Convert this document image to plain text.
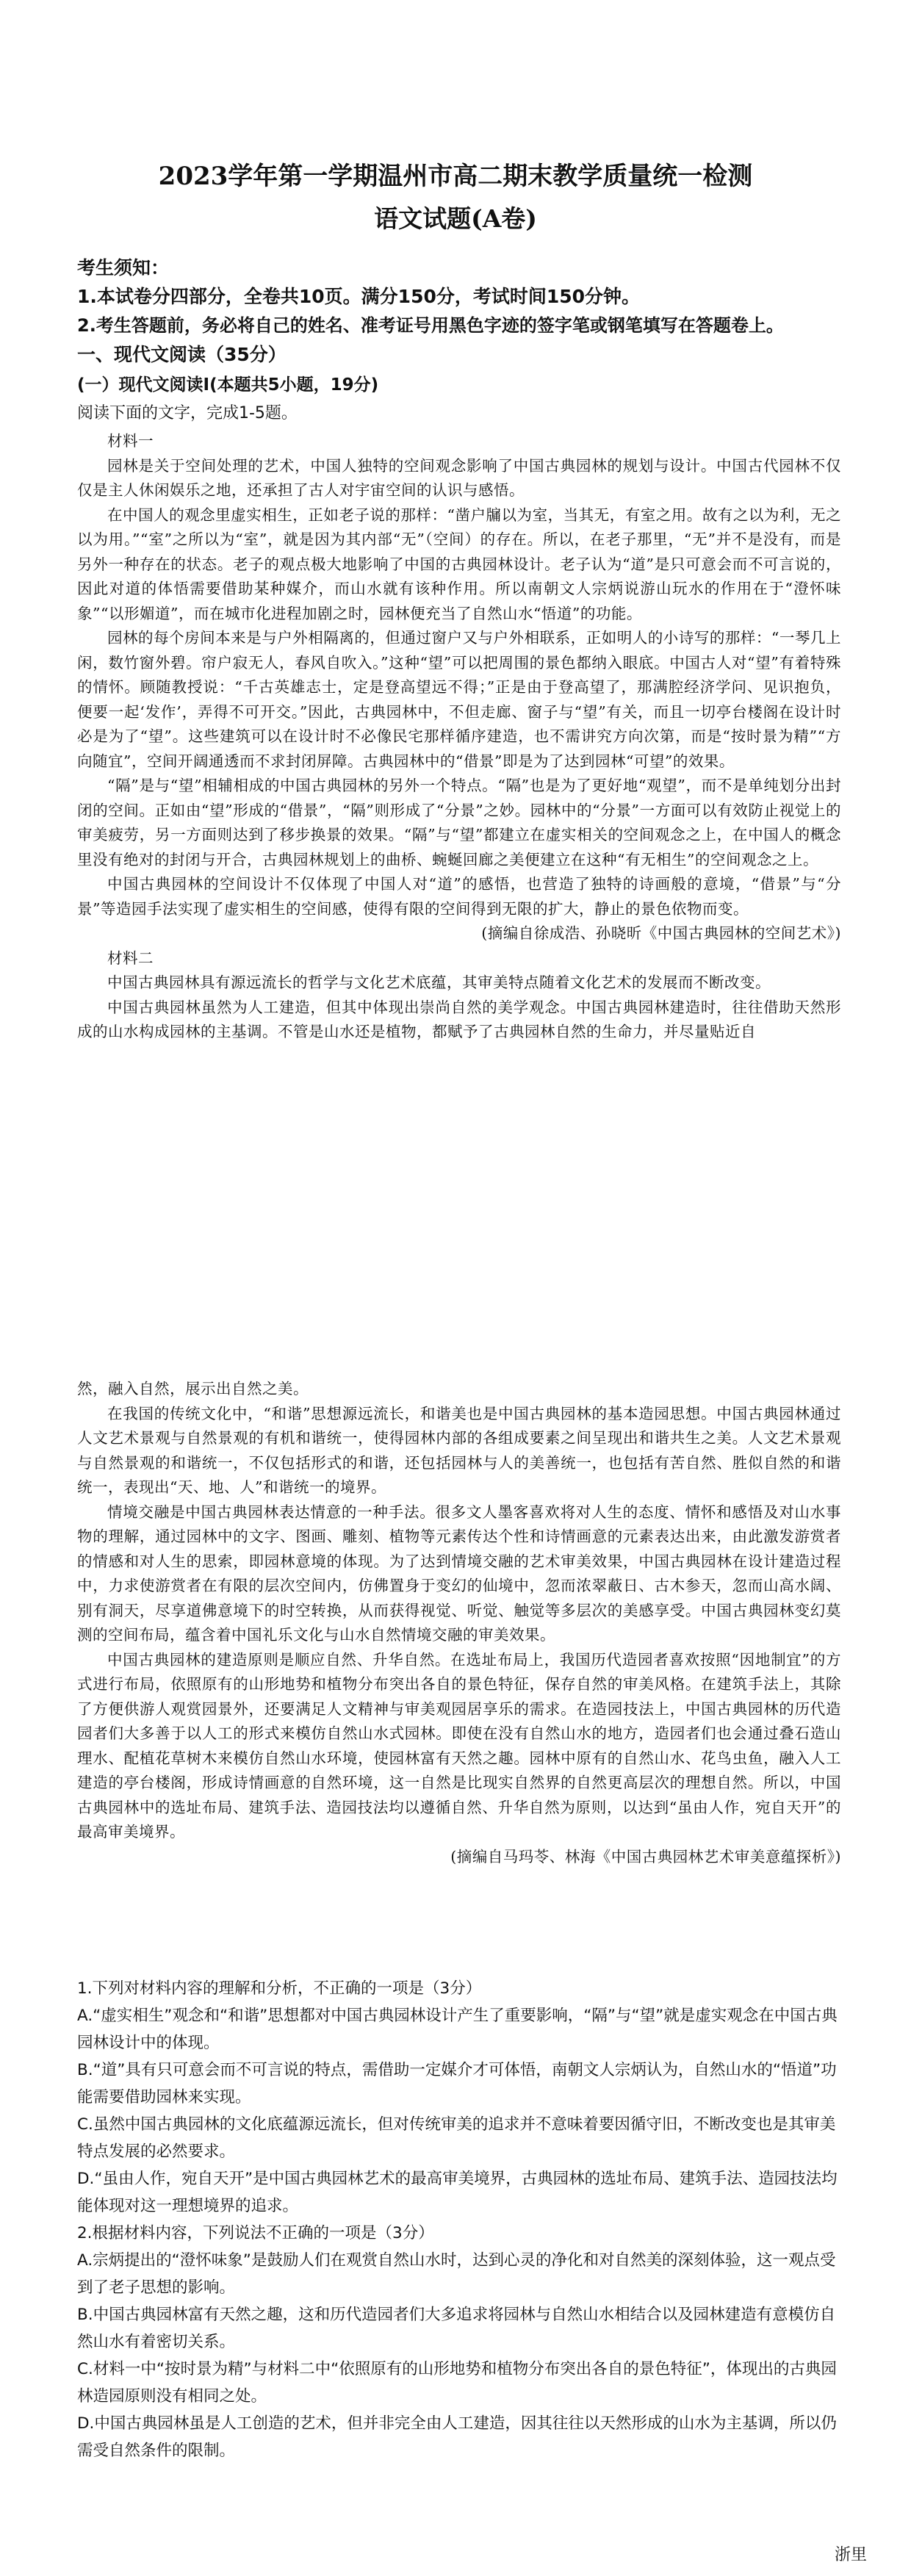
2023学年第一学期温州市高二期末教学质量统一检测
语文试题(A卷)
考生须知：
1.本试卷分四部分，全卷共10页。满分150分，考试时间150分钟。
2.考生答题前，务必将自己的姓名、准考证号用黑色字迹的签字笔或钢笔填写在答题卷上。
一、现代文阅读（35分）
(一）现代文阅读Ⅰ(本题共5小题，19分)
阅读下面的文字，完成1-5题。

材料一

园林是关于空间处理的艺术，中国人独特的空间观念影响了中国古典园林的规划与设计。中国古代园林不仅仅是主人休闲娱乐之地，还承担了古人对宇宙空间的认识与感悟。

在中国人的观念里虚实相生，正如老子说的那样：“凿户牖以为室，当其无，有室之用。故有之以为利，无之以为用。”“室”之所以为“室”，就是因为其内部“无”（空间）的存在。所以，在老子那里，“无”并不是没有，而是另外一种存在的状态。老子的观点极大地影响了中国的古典园林设计。老子认为“道”是只可意会而不可言说的，因此对道的体悟需要借助某种媒介，而山水就有该种作用。所以南朝文人宗炳说游山玩水的作用在于“澄怀味象”“以形媚道”，而在城市化进程加剧之时，园林便充当了自然山水“悟道”的功能。

园林的每个房间本来是与户外相隔离的，但通过窗户又与户外相联系，正如明人的小诗写的那样：“一琴几上闲，数竹窗外碧。帘户寂无人，春风自吹入。”这种“望”可以把周围的景色都纳入眼底。中国古人对“望”有着特殊的情怀。顾随教授说：“千古英雄志士，定是登高望远不得；”正是由于登高望了，那满腔经济学问、见识抱负，便要一起‘发作’，弄得不可开交。”因此，古典园林中，不但走廊、窗子与“望”有关，而且一切亭台楼阁在设计时必是为了“望”。这些建筑可以在设计时不必像民宅那样循序建造，也不需讲究方向次第，而是“按时景为精”“方向随宜”，空间开阔通透而不求封闭屏障。古典园林中的“借景”即是为了达到园林“可望”的效果。

“隔”是与“望”相辅相成的中国古典园林的另外一个特点。“隔”也是为了更好地“观望”，而不是单纯划分出封闭的空间。正如由“望”形成的“借景”，“隔”则形成了“分景”之妙。园林中的“分景”一方面可以有效防止视觉上的审美疲劳，另一方面则达到了移步换景的效果。“隔”与“望”都建立在虚实相关的空间观念之上，在中国人的概念里没有绝对的封闭与开合，古典园林规划上的曲桥、蜿蜒回廊之美便建立在这种“有无相生”的空间观念之上。

中国古典园林的空间设计不仅体现了中国人对“道”的感悟，也营造了独特的诗画般的意境，“借景”与“分景”等造园手法实现了虚实相生的空间感，使得有限的空间得到无限的扩大，静止的景色依物而变。

(摘编自徐成浩、孙晓昕《中国古典园林的空间艺术》)

材料二

中国古典园林具有源远流长的哲学与文化艺术底蕴，其审美特点随着文化艺术的发展而不断改变。

中国古典园林虽然为人工建造，但其中体现出崇尚自然的美学观念。中国古典园林建造时，往往借助天然形成的山水构成园林的主基调。不管是山水还是植物，都赋予了古典园林自然的生命力，并尽量贴近自

然，融入自然，展示出自然之美。

在我国的传统文化中，“和谐”思想源远流长，和谐美也是中国古典园林的基本造园思想。中国古典园林通过人文艺术景观与自然景观的有机和谐统一，使得园林内部的各组成要素之间呈现出和谐共生之美。人文艺术景观与自然景观的和谐统一，不仅包括形式的和谐，还包括园林与人的美善统一，也包括有苦自然、胜似自然的和谐统一，表现出“天、地、人”和谐统一的境界。

情境交融是中国古典园林表达情意的一种手法。很多文人墨客喜欢将对人生的态度、情怀和感悟及对山水事物的理解，通过园林中的文字、图画、雕刻、植物等元素传达个性和诗情画意的元素表达出来，由此激发游赏者的情感和对人生的思索，即园林意境的体现。为了达到情境交融的艺术审美效果，中国古典园林在设计建造过程中，力求使游赏者在有限的层次空间内，仿佛置身于变幻的仙境中，忽而浓翠蔽日、古木参天，忽而山高水阔、别有洞天，尽享道佛意境下的时空转换，从而获得视觉、听觉、触觉等多层次的美感享受。中国古典园林变幻莫测的空间布局，蕴含着中国礼乐文化与山水自然情境交融的审美效果。

中国古典园林的建造原则是顺应自然、升华自然。在选址布局上，我国历代造园者喜欢按照“因地制宜”的方式进行布局，依照原有的山形地势和植物分布突出各自的景色特征，保存自然的审美风格。在建筑手法上，其除了方便供游人观赏园景外，还要满足人文精神与审美观园居享乐的需求。在造园技法上，中国古典园林的历代造园者们大多善于以人工的形式来模仿自然山水式园林。即使在没有自然山水的地方，造园者们也会通过叠石造山理水、配植花草树木来模仿自然山水环境，使园林富有天然之趣。园林中原有的自然山水、花鸟虫鱼，融入人工建造的亭台楼阁，形成诗情画意的自然环境，这一自然是比现实自然界的自然更高层次的理想自然。所以，中国古典园林中的选址布局、建筑手法、造园技法均以遵循自然、升华自然为原则，以达到“虽由人作，宛自天开”的最高审美境界。

(摘编自马玛苓、林海《中国古典园林艺术审美意蕴探析》)

1.下列对材料内容的理解和分析，不正确的一项是（3分）

A.“虚实相生”观念和“和谐”思想都对中国古典园林设计产生了重要影响，“隔”与“望”就是虚实观念在中国古典园林设计中的体现。

B.“道”具有只可意会而不可言说的特点，需借助一定媒介才可体悟，南朝文人宗炳认为，自然山水的“悟道”功能需要借助园林来实现。

C.虽然中国古典园林的文化底蕴源远流长，但对传统审美的追求并不意味着要因循守旧，不断改变也是其审美特点发展的必然要求。

D.“虽由人作，宛自天开”是中国古典园林艺术的最高审美境界，古典园林的选址布局、建筑手法、造园技法均能体现对这一理想境界的追求。

2.根据材料内容，下列说法不正确的一项是（3分）

A.宗炳提出的“澄怀味象”是鼓励人们在观赏自然山水时，达到心灵的净化和对自然美的深刻体验，这一观点受到了老子思想的影响。

B.中国古典园林富有天然之趣，这和历代造园者们大多追求将园林与自然山水相结合以及园林建造有意模仿自然山水有着密切关系。

C.材料一中“按时景为精”与材料二中“依照原有的山形地势和植物分布突出各自的景色特征”，体现出的古典园林造园原则没有相同之处。

D.中国古典园林虽是人工创造的艺术，但并非完全由人工建造，因其往往以天然形成的山水为主基调，所以仍需受自然条件的限制。

浙里
